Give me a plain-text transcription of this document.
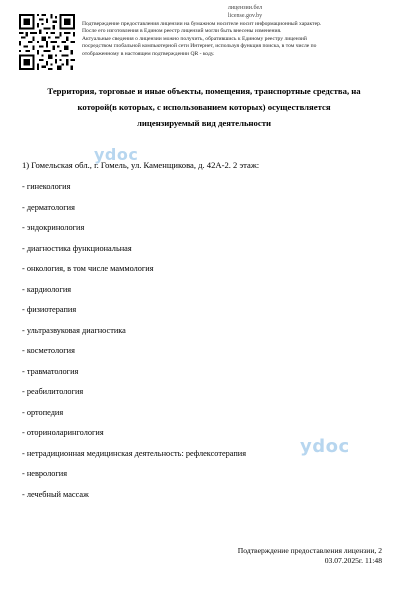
лицензии.бел
license.gov.by
Подтверждение предоставления лицензии на бумажном носителе носит информационный характер.
После его изготовления в Едином реестр лицензий могли быть внесены изменения.
Актуальные сведения о лицензии можно получить, обратившись к Единому реестру лицензий
посредством глобальной компьютерной сети Интернет, используя функция поиска, в том числе по
отображенному в настоящем подтверждении QR - коду.
Территория, торговые и иные объекты, помещения, транспортные средства, на
которой(в которых, с использованием которых) осуществляется
лицензируемый вид деятельности
ydoc
1) Гомельская обл., г. Гомель, ул. Каменщикова, д. 42А-2. 2 этаж:
- гинекология
- дерматология
- эндокринология
- диагностика функциональная
- онкология, в том числе маммология
- кардиология
- физиотерапия
- ультразвуковая диагностика
- косметология
- травматология
- реабилитология
- ортопедия
- оториноларингология
- нетрадиционная медицинская деятельность: рефлексотерапия
- неврология
- лечебный массаж
ydoc
Подтверждение предоставления лицензии, 2
03.07.2025г. 11:48
